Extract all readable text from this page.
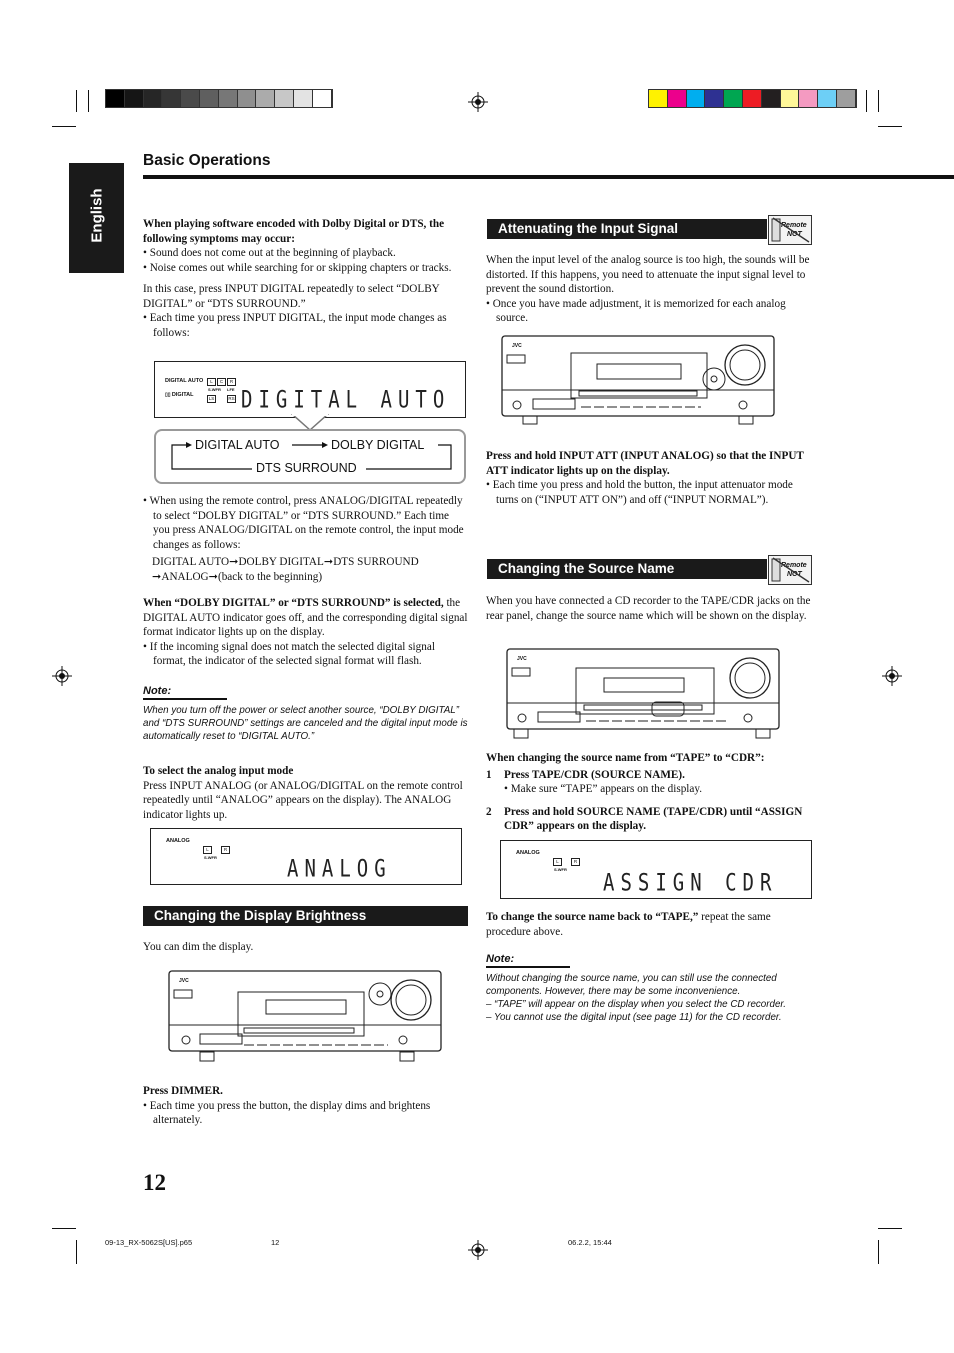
English
Basic Operations

When playing software encoded with Dolby Digital or DTS, the following symptoms may occur:

• Sound does not come out at the beginning of playback.

• Noise comes out while searching for or skipping chapters or tracks.

In this case, press INPUT DIGITAL repeatedly to select “DOLBY DIGITAL” or “DTS SURROUND.”

• Each time you press INPUT DIGITAL, the input mode changes as follows:

DIGITAL AUTO
▯▯ DIGITAL
L	C	R
S.WFR LFE
LS	RS DIGITAL AUTO
DIGITAL AUTO	DOLBY DIGITAL
DTS SURROUND

• When using the remote control, press ANALOG/DIGITAL repeatedly to select “DOLBY DIGITAL” or “DTS SURROUND.” Each time you press ANALOG/DIGITAL on the remote control, the input mode changes as follows:

DIGITAL AUTO➞DOLBY DIGITAL➞DTS SURROUND

➞ANALOG➞(back to the beginning)

When “DOLBY DIGITAL” or “DTS SURROUND” is selected, the DIGITAL AUTO indicator goes off, and the corresponding digital signal format indicator lights up on the display.

• If the incoming signal does not match the selected digital signal format, the indicator of the selected signal format will flash.

Note:
When you turn off the power or select another source, “DOLBY DIGITAL” and “DTS SURROUND” settings are canceled and the digital input mode is automatically reset to “DIGITAL AUTO.”

To select the analog input mode

Press INPUT ANALOG (or ANALOG/DIGITAL on the remote control repeatedly until “ANALOG” appears on the display). The ANALOG indicator lights up.

ANALOG
L	R
S.WFR	ANALOG
Changing the Display Brightness

You can dim the display.

JVC

Press DIMMER.

• Each time you press the button, the display dims and brightens alternately.

Attenuating the Input Signal	Remote
NOT

When the input level of the analog source is too high, the sounds will be distorted. If this happens, you need to attenuate the input signal level to prevent the sound distortion.

• Once you have made adjustment, it is memorized for each analog source.

JVC

Press and hold INPUT ATT (INPUT ANALOG) so that the INPUT ATT indicator lights up on the display.

• Each time you press and hold the button, the input attenuator mode turns on (“INPUT ATT ON”) and off (“INPUT NORMAL”).

Changing the Source Name	Remote
NOT

When you have connected a CD recorder to the TAPE/CDR jacks on the rear panel, change the source name which will be shown on the display.

JVC

When changing the source name from “TAPE” to “CDR”:

1 Press TAPE/CDR (SOURCE NAME).

• Make sure “TAPE” appears on the display.

2 Press and hold SOURCE NAME (TAPE/CDR) until “ASSIGN CDR” appears on the display.

ANALOG
L	R
S.WFR ASSIGN CDR

To change the source name back to “TAPE,” repeat the same procedure above.

Note:
Without changing the source name, you can still use the connected components. However, there may be some inconvenience.
– “TAPE” will appear on the display when you select the CD recorder.
– You cannot use the digital input (see page 11) for the CD recorder.
12
09-13_RX-5062S[US].p65	12	06.2.2, 15:44
